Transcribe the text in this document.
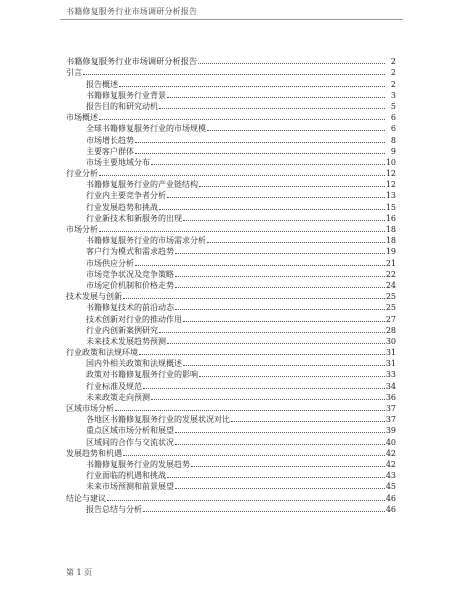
书籍修复服务行业市场调研分析报告
书籍修复服务行业市场调研分析报告	2
引言	2
报告概述	2
书籍修复服务行业背景	3
报告目的和研究动机	5
市场概述	6
全球书籍修复服务行业的市场规模	6
市场增长趋势	8
主要客户群体	9
市场主要地域分布	10
行业分析	12
书籍修复服务行业的产业链结构	12
行业内主要竞争者分析	13
行业发展趋势和挑战	15
行业新技术和新服务的出现	16
市场分析	18
书籍修复服务行业的市场需求分析	18
客户行为模式和需求趋势	19
市场供应分析	21
市场竞争状况及竞争策略	22
市场定价机制和价格走势	24
技术发展与创新	25
书籍修复技术的前沿动态	25
技术创新对行业的推动作用	27
行业内创新案例研究	28
未来技术发展趋势预测	30
行业政策和法规环境	31
国内外相关政策和法规概述	31
政策对书籍修复服务行业的影响	33
行业标准及规范	34
未来政策走向预测	36
区域市场分析	37
各地区书籍修复服务行业的发展状况对比	37
重点区域市场分析和展望	39
区域间的合作与交流状况	40
发展趋势和机遇	42
书籍修复服务行业的发展趋势	42
行业面临的机遇和挑战	43
未来市场预测和前景展望	45
结论与建议	46
报告总结与分析	46
第 1 页
